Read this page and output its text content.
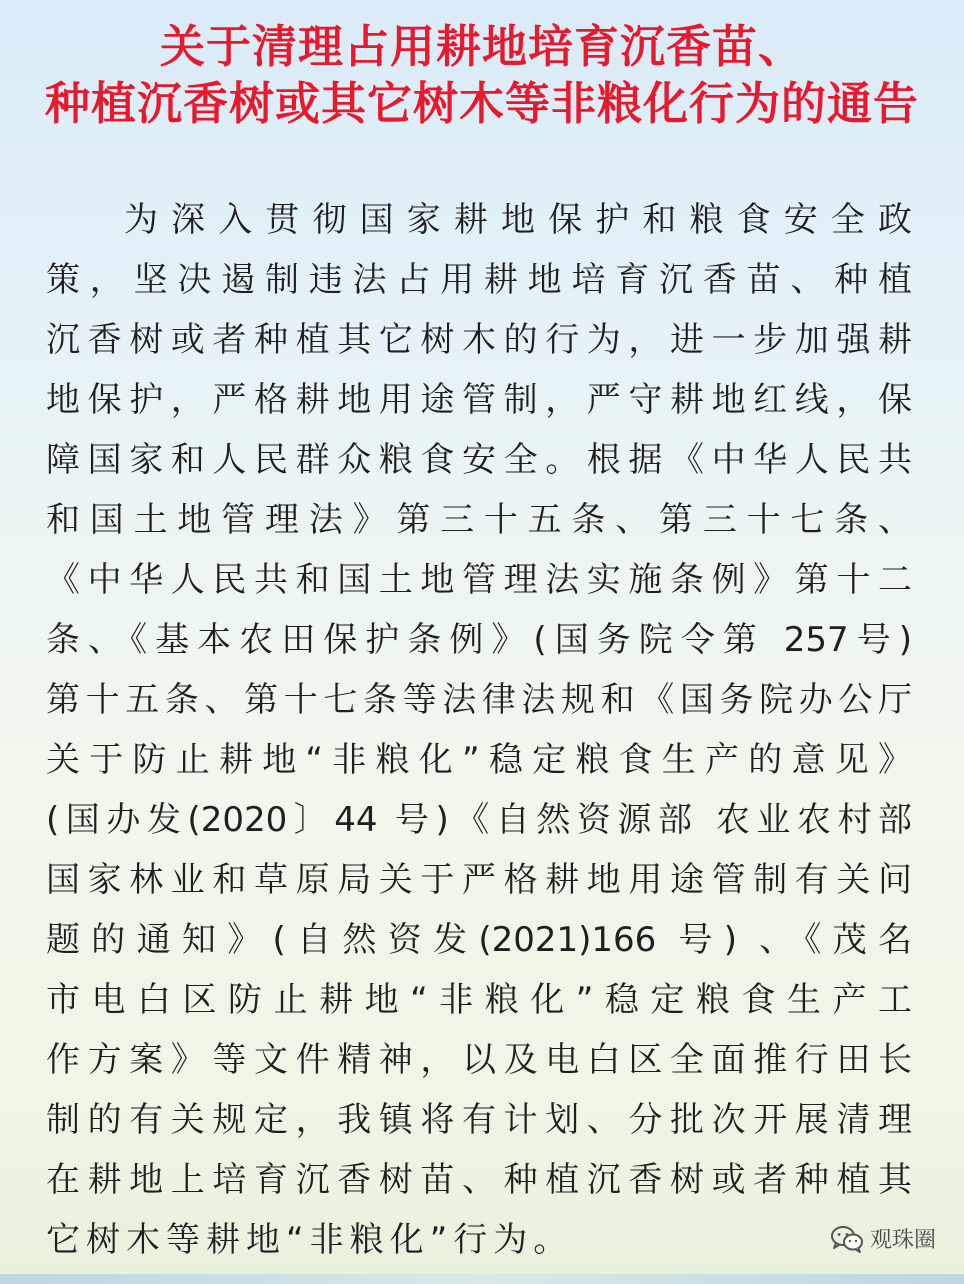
关于清理占用耕地培育沉香苗、
种植沉香树或其它树木等非粮化行为的通告
为深入贯彻国家耕地保护和粮食安全政
策，坚决遏制违法占用耕地培育沉香苗、种植
沉香树或者种植其它树木的行为，进一步加强耕
地保护，严格耕地用途管制，严守耕地红线，保
障国家和人民群众粮食安全。根据《中华人民共
和国土地管理法》第三十五条、第三十七条、
《中华人民共和国土地管理法实施条例》第十二
条、《基本农田保护条例》(国务院令第 257号)
第十五条、第十七条等法律法规和《国务院办公厅
关于防止耕地“非粮化”稳定粮食生产的意见》
(国办发(2020〕44 号)《自然资源部 农业农村部
国家林业和草原局关于严格耕地用途管制有关问
题的通知》(自然资发(2021)166 号) 、《茂名
市电白区防止耕地“非粮化”稳定粮食生产工
作方案》等文件精神，以及电白区全面推行田长
制的有关规定，我镇将有计划、分批次开展清理
在耕地上培育沉香树苗、种植沉香树或者种植其
它树木等耕地“非粮化”行为。	观珠圈
